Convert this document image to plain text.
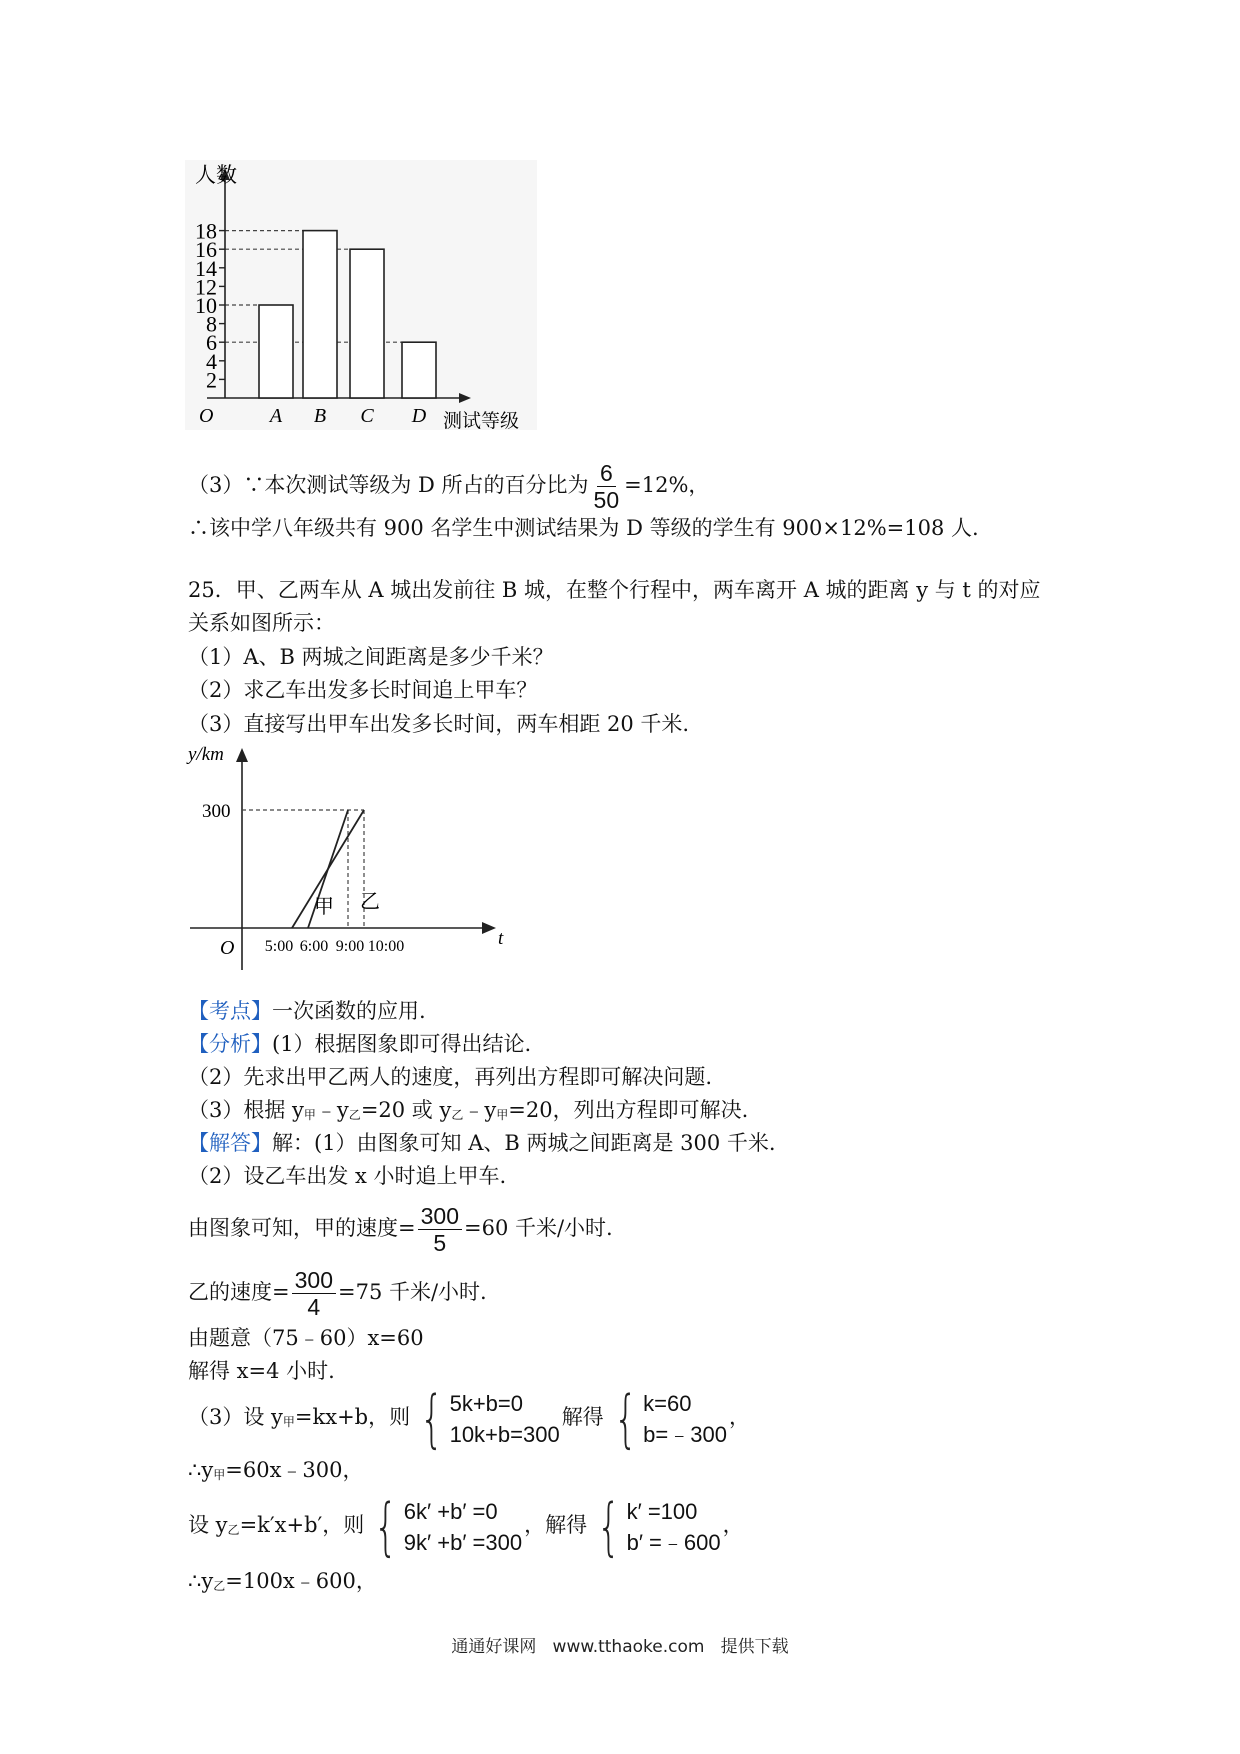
人数
测试等级
O
2
4
6
8
10
12
14
16
18
A B C D
（3）∵本次测试等级为 D 所占的百分比为 $\frac{6}{50} =12\%$，
∴该中学八年级共有 900 名学生中测试结果为 D 等级的学生有 900×12%=108 人.
25．甲、乙两车从 A 城出发前往 B 城，在整个行程中，两车离开 A 城的距离 y 与 t 的对应
关系如图所示：
（1）A、B 两城之间距离是多少千米？
（2）求乙车出发多长时间追上甲车？
（3）直接写出甲车出发多长时间，两车相距 20 千米.
y/km
t
O
300
5:00 6:00 9:00 10:00
甲 乙
【考点】一次函数的应用.
【分析】(1）根据图象即可得出结论.
（2）先求出甲乙两人的速度，再列出方程即可解决问题.
（3）根据 y甲﹣y乙=20 或 y乙﹣y甲=20，列出方程即可解决.
【解答】解：(1）由图象可知 A、B 两城之间距离是 300 千米.
（2）设乙车出发 x 小时追上甲车.
由图象可知，甲的速度= $\frac{300}{5} =60$ 千米/小时.
乙的速度= $\frac{300}{4} =75$ 千米/小时.
由题意（75﹣60）x=60
解得 x=4 小时.
（3）设 y甲=kx+b，则 { 5k+b=0
10k+b=300
解得 { k=60
b=﹣300
，
∴y甲=60x﹣300，
设 y乙=k′x+b′，则 { 6k′ +b′ =0
9k′ +b′ =300
，解得 { k′ =100
b′ =﹣600
，
∴y乙=100x﹣600，
通通好课网 www.tthaoke.com 提供下载
